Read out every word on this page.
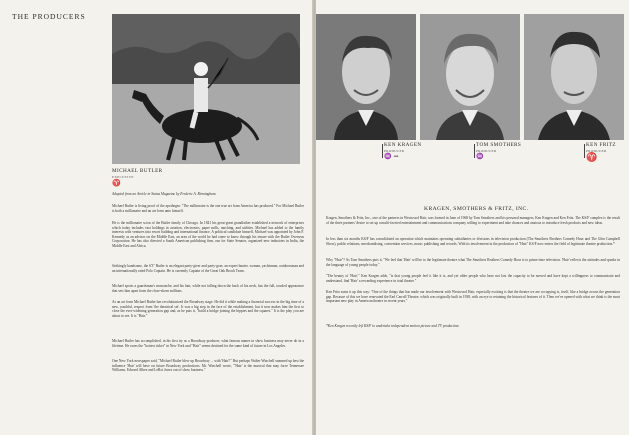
THE PRODUCERS
MICHAEL BUTLER
EXECUTIVE
♈
Adapted from an Article in Status Magazine by Frederic A. Birmingham.
Michael Butler is living proof of the apothegm: "The millionaire is the one true art form America has produced." For Michael Butler is both a millionaire and an art form unto himself.
He is the millionaire scion of the Butler family of Chicago. In 1841 his great-great grandfather established a network of enterprises which today includes vast holdings in aviation, electronics, paper mills, ranching, and utilities. Michael has added to the family interests with ventures into resort building and international finance. A political candidate himself, Michael was appointed by John F. Kennedy as an advisor on the Middle East, an area of the world he had come to know through his tenure with the Butler Overseas Corporation. He has also directed a South American publishing firm, run for State Senator, organized new industries in India, the Middle East and Africa.
Strikingly handsome, the 6'3" Butler is an elegant party-giver and party-goer, an expert hunter, woman, yachtsman, outdoorsman and an internationally rated Polo Captain. He is currently Captain of the Great Oak Brook Team.
Michael sports a guardsman's moustache, and his hair, while not falling down the back of his neck, has the full, tousled appearance that sets him apart from the close-shorn millions.
As an art form Michael Butler has revolutionized the Broadway stage. He did it while making a financial success in the big time of a new, youthful, respect from 'the theatrical set'. It was a big step in the face of the establishment, but it now makes him the first to close the ever-widening generation gap and, as he puts it, "build a bridge joining the hippies and the squares." It is the play you are about to see. It is "Hair."
Michael Butler has accomplished, in his first try as a Broadway producer, what famous names in show business may never do in a lifetime. He owns the "hottest ticket" in New York and "Hair" seems destined for the same kind of future in Los Angeles.
One New York newspaper said, "Michael Butler blew up Broadway ... with 'Hair'!" But perhaps Walter Winchell summed up best the influence 'Hair' will have on future Broadway productions. Mr. Winchell wrote, "'Hair' is the musical that may force Tennessee Williams, Edward Albee and LeRoi Jones out of show business."
KEN KRAGEN
PRODUCER
♒ ⇝
TOM SMOTHERS
PRODUCER
♒
KEN FRITZ
PRODUCER
♈
KRAGEN, SMOTHERS & FRITZ, INC.
Kragen, Smothers & Fritz, Inc., one of the partners in Westwood Hair, was formed in June of 1968 by Tom Smothers and his personal managers, Ken Kragen and Ken Fritz. The KS/F complex is the result of the three partners' desire to set up a multi-faceted entertainment and communications company willing to experiment and take chances and anxious to introduce fresh products and new ideas.
In less than six months KS/F has consolidated an operation which maintains operating subsidiaries or divisions in television production (The Smothers Brothers Comedy Hour and The Glen Campbell Show), public relations, merchandising, convention services, music publishing and records. With its involvement in the production of "Hair" KS/F now enters the field of legitimate theatre production.*
Why "Hair"? As Tom Smothers puts it, "We feel that 'Hair' will be to the legitimate theatre what The Smothers Brothers Comedy Hour is to prime time television. 'Hair' reflects the attitudes and speaks in the language of young people today."
"The beauty of 'Hair'," Ken Kragen adds, "is that young people feel it like it is, and yet older people who have not lost the capacity to be moved and have kept a willingness to communicate and understand, find 'Hair' a rewarding experience in total theatre."
Ken Fritz sums it up this way: "One of the things that has made our involvement with Westwood Hair, especially exciting is that the theatre we are occupying is, itself, like a bridge across the generation gap. Because of this we have renovated the Earl Carroll Theatre, which was originally built in 1938, with an eye to retaining the historical features of it. Then we've opened with what we think is the most important new play in American theatre in recent years."
*Ken Kragen recently left KS/F to undertake independent motion picture and TV production.
